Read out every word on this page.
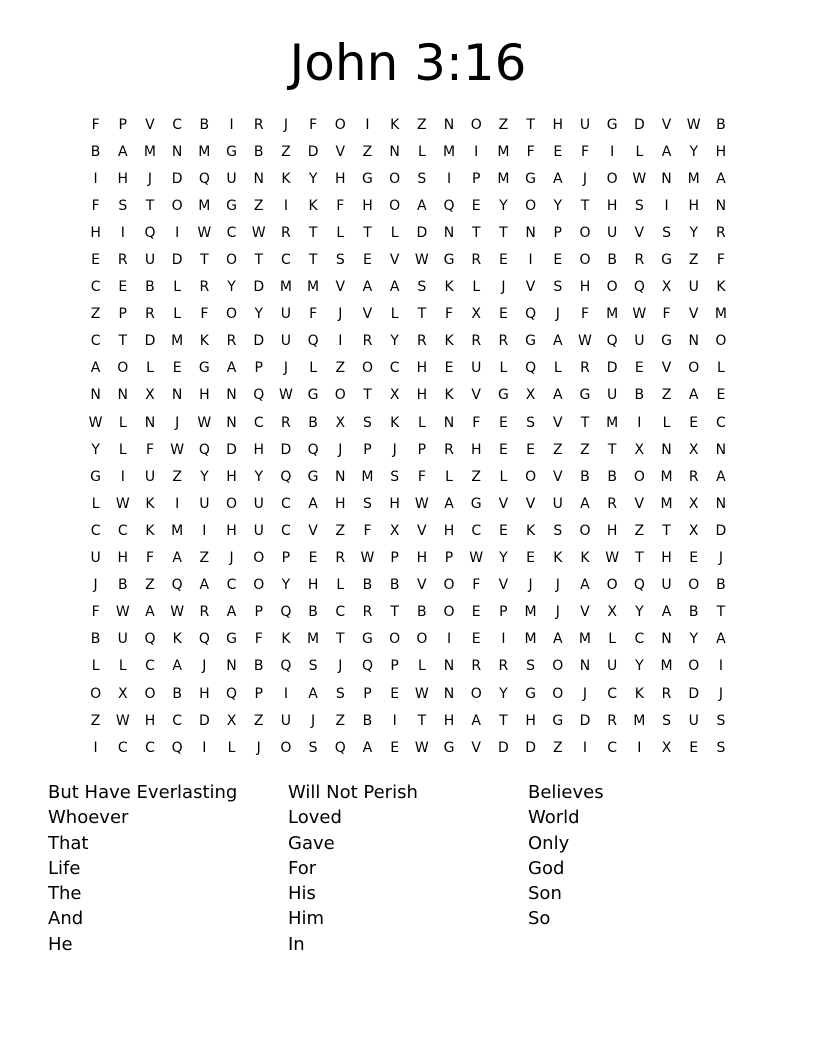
John 3:16
F	P	V	C	B	I	R	J	F	O	I	K	Z	N	O	Z	T	H	U	G	D	V	W	B
B	A	M	N	M	G	B	Z	D	V	Z	N	L	M	I	M	F	E	F	I	L	A	Y	H
I	H	J	D	Q	U	N	K	Y	H	G	O	S	I	P	M	G	A	J	O	W	N	M	A
F	S	T	O	M	G	Z	I	K	F	H	O	A	Q	E	Y	O	Y	T	H	S	I	H	N
H	I	Q	I	W	C	W	R	T	L	T	L	D	N	T	T	N	P	O	U	V	S	Y	R
E	R	U	D	T	O	T	C	T	S	E	V	W	G	R	E	I	E	O	B	R	G	Z	F
C	E	B	L	R	Y	D	M	M	V	A	A	S	K	L	J	V	S	H	O	Q	X	U	K
Z	P	R	L	F	O	Y	U	F	J	V	L	T	F	X	E	Q	J	F	M	W	F	V	M
C	T	D	M	K	R	D	U	Q	I	R	Y	R	K	R	R	G	A	W	Q	U	G	N	O
A	O	L	E	G	A	P	J	L	Z	O	C	H	E	U	L	Q	L	R	D	E	V	O	L
N	N	X	N	H	N	Q	W	G	O	T	X	H	K	V	G	X	A	G	U	B	Z	A	E
W	L	N	J	W	N	C	R	B	X	S	K	L	N	F	E	S	V	T	M	I	L	E	C
Y	L	F	W	Q	D	H	D	Q	J	P	J	P	R	H	E	E	Z	Z	T	X	N	X	N
G	I	U	Z	Y	H	Y	Q	G	N	M	S	F	L	Z	L	O	V	B	B	O	M	R	A
L	W	K	I	U	O	U	C	A	H	S	H	W	A	G	V	V	U	A	R	V	M	X	N
C	C	K	M	I	H	U	C	V	Z	F	X	V	H	C	E	K	S	O	H	Z	T	X	D
U	H	F	A	Z	J	O	P	E	R	W	P	H	P	W	Y	E	K	K	W	T	H	E	J
J	B	Z	Q	A	C	O	Y	H	L	B	B	V	O	F	V	J	J	A	O	Q	U	O	B
F	W	A	W	R	A	P	Q	B	C	R	T	B	O	E	P	M	J	V	X	Y	A	B	T
B	U	Q	K	Q	G	F	K	M	T	G	O	O	I	E	I	M	A	M	L	C	N	Y	A
L	L	C	A	J	N	B	Q	S	J	Q	P	L	N	R	R	S	O	N	U	Y	M	O	I
O	X	O	B	H	Q	P	I	A	S	P	E	W	N	O	Y	G	O	J	C	K	R	D	J
Z	W	H	C	D	X	Z	U	J	Z	B	I	T	H	A	T	H	G	D	R	M	S	U	S
I	C	C	Q	I	L	J	O	S	Q	A	E	W	G	V	D	D	Z	I	C	I	X	E	S
But Have Everlasting
Whoever
That
Life
The
And
He
Will Not Perish
Loved
Gave
For
His
Him
In
Believes
World
Only
God
Son
So
